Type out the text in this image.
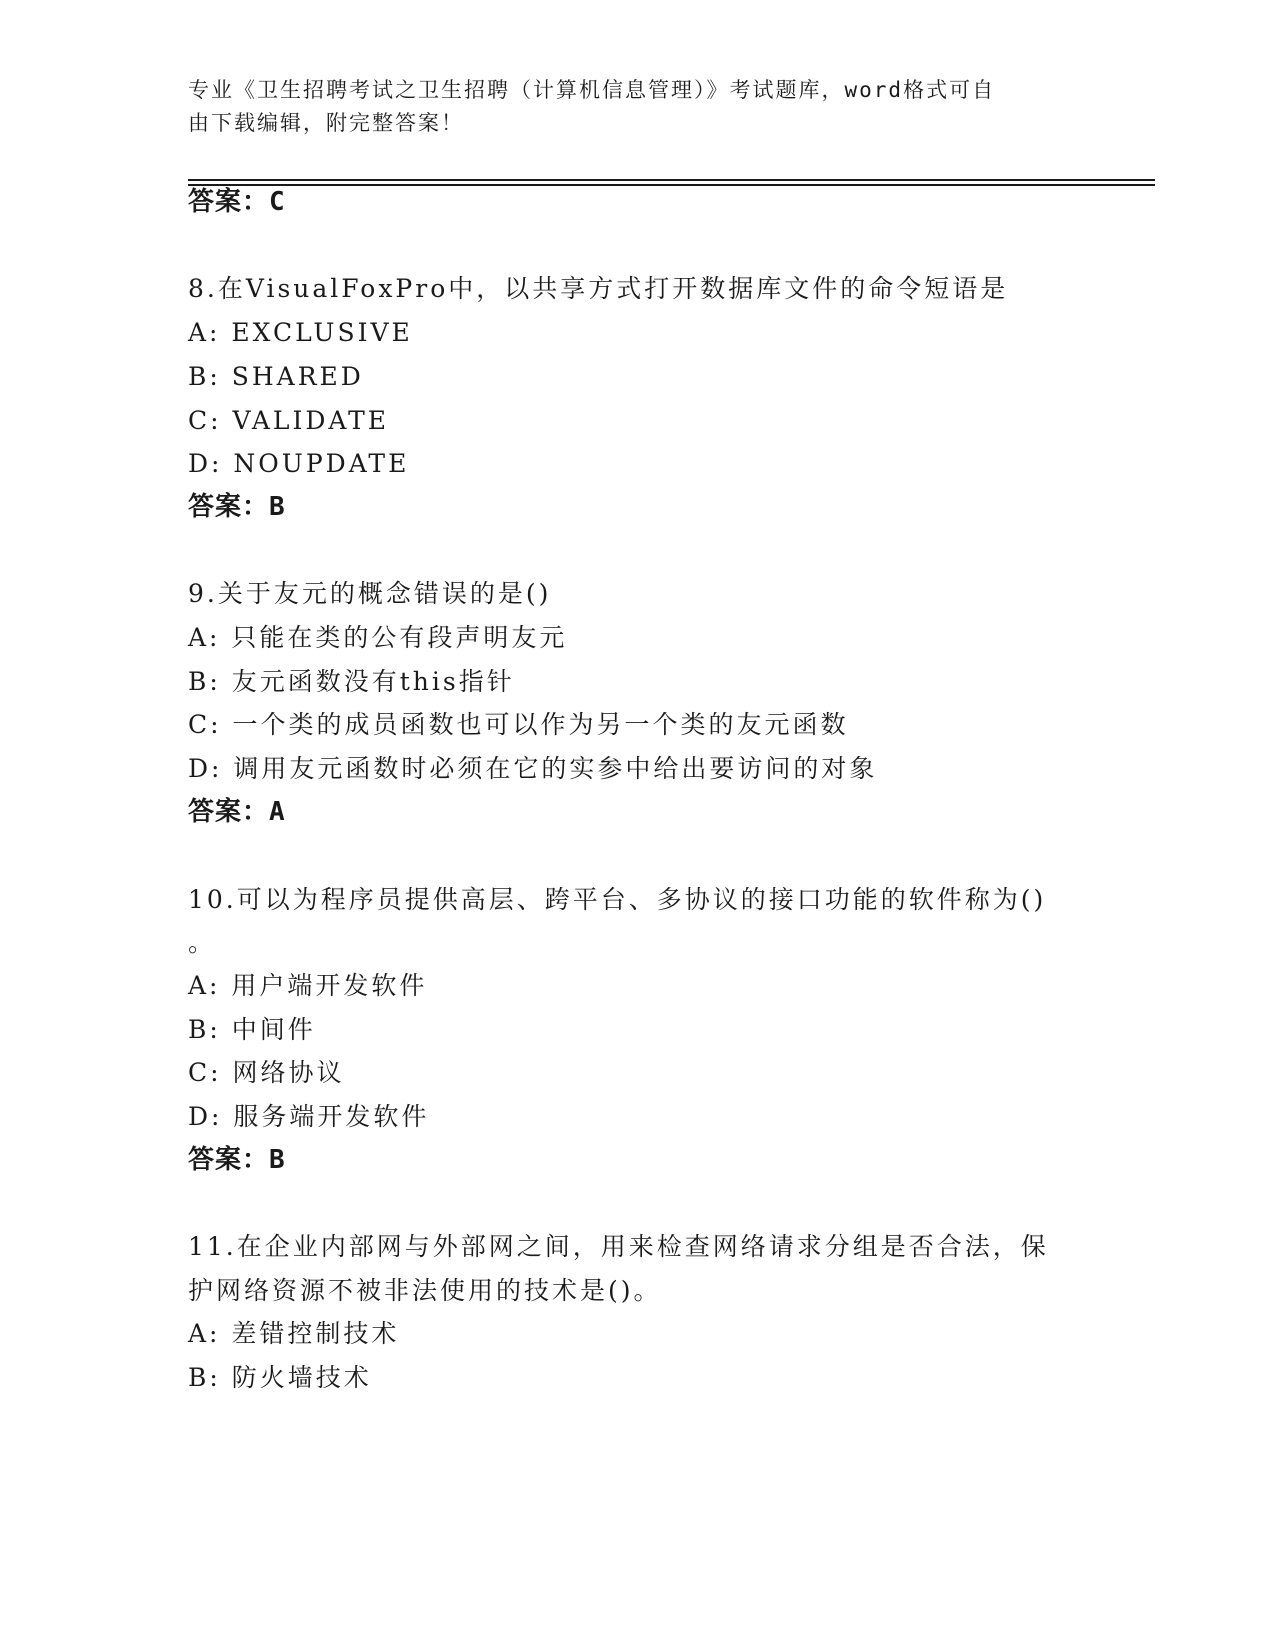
专业《卫生招聘考试之卫生招聘（计算机信息管理）》考试题库，word格式可自
由下载编辑，附完整答案！
答案：C
8.在VisualFoxPro中，以共享方式打开数据库文件的命令短语是
A: EXCLUSIVE
B: SHARED
C: VALIDATE
D: NOUPDATE
答案：B
9.关于友元的概念错误的是()
A: 只能在类的公有段声明友元
B: 友元函数没有this指针
C: 一个类的成员函数也可以作为另一个类的友元函数
D: 调用友元函数时必须在它的实参中给出要访问的对象
答案：A
10.可以为程序员提供高层、跨平台、多协议的接口功能的软件称为()
。
A: 用户端开发软件
B: 中间件
C: 网络协议
D: 服务端开发软件
答案：B
11.在企业内部网与外部网之间，用来检查网络请求分组是否合法，保
护网络资源不被非法使用的技术是()。
A: 差错控制技术
B: 防火墙技术
